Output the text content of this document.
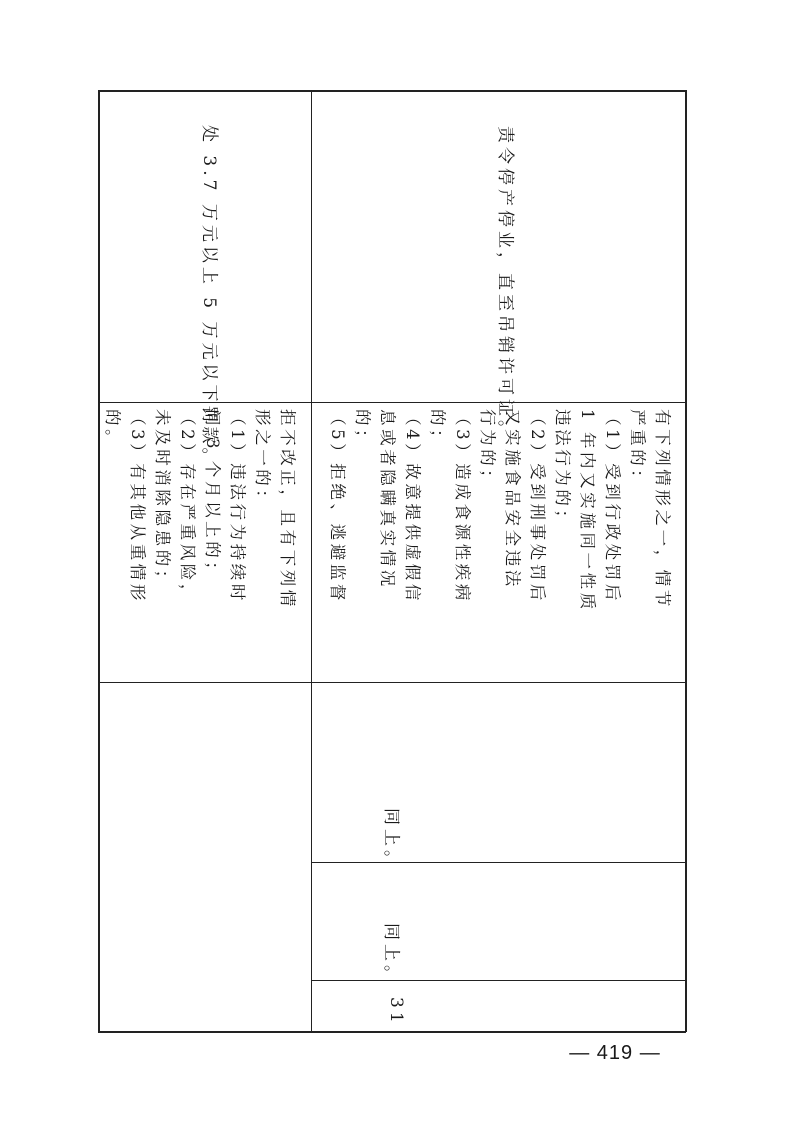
拒不改正，且有下列情
形之一的：
（1）违法行为持续时
间 3 个月以上的；
（2）存在严重风险，
未及时消除隐患的；
（3）有其他从重情形
的。	处 3.7 万元以上 5 万元以下罚款。
31
同上。
同上。
有下列情形之一，情节
严重的：
（1）受到行政处罚后
1 年内又实施同一性质
违法行为的；
（2）受到刑事处罚后
又实施食品安全违法
行为的；
（3）造成食源性疾病
的；
（4）故意提供虚假信
息或者隐瞒真实情况
的；
（5）拒绝、逃避监督
责令停产停业，直至吊销许可证。
— 419 —
